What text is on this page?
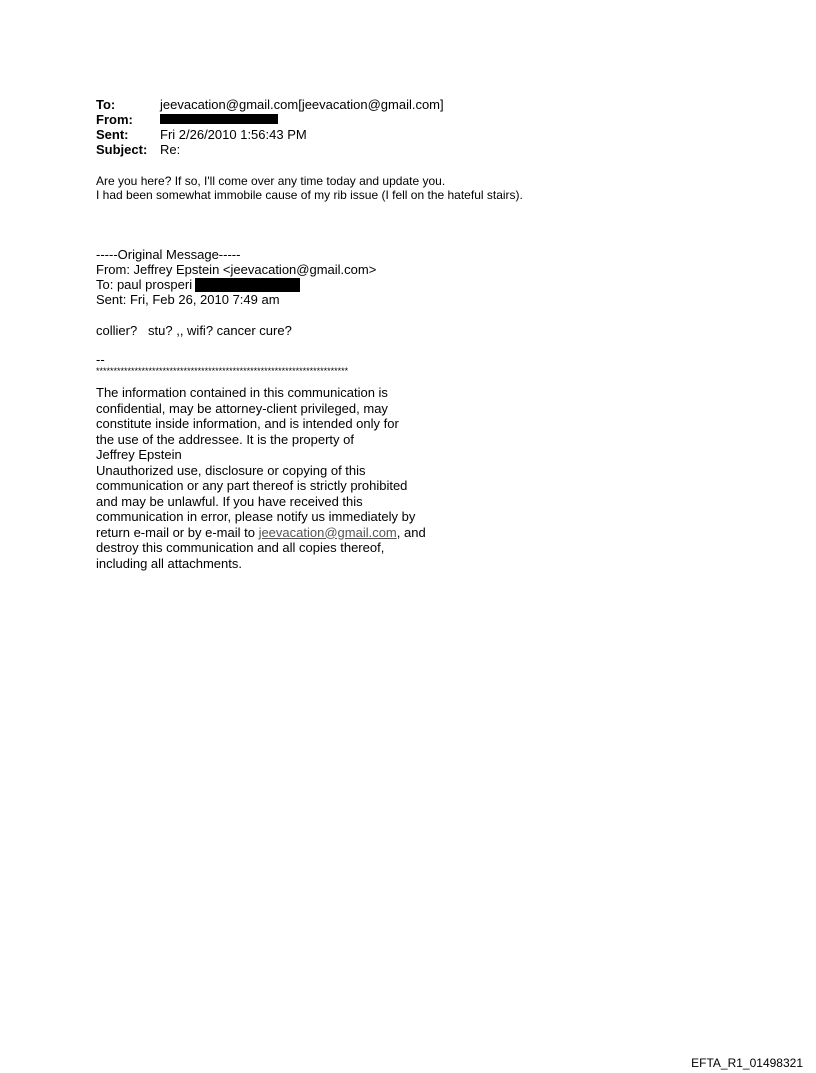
To:	jeevacation@gmail.com[jeevacation@gmail.com]
From:
Sent:	Fri 2/26/2010 1:56:43 PM
Subject: Re:
Are you here? If so, I'll come over any time today and update you.
I had been somewhat immobile cause of my rib issue (I fell on the hateful stairs).
-----Original Message-----
From: Jeffrey Epstein <jeevacation@gmail.com>
To: paul prosperi
Sent: Fri, Feb 26, 2010 7:49 am
collier?   stu? ,, wifi? cancer cure?
--
************************************************************************
The information contained in this communication is
confidential, may be attorney-client privileged, may
constitute inside information, and is intended only for
the use of the addressee. It is the property of
Jeffrey Epstein
Unauthorized use, disclosure or copying of this
communication or any part thereof is strictly prohibited
and may be unlawful. If you have received this
communication in error, please notify us immediately by
return e-mail or by e-mail to jeevacation@gmail.com, and
destroy this communication and all copies thereof,
including all attachments.
EFTA_R1_01498321
